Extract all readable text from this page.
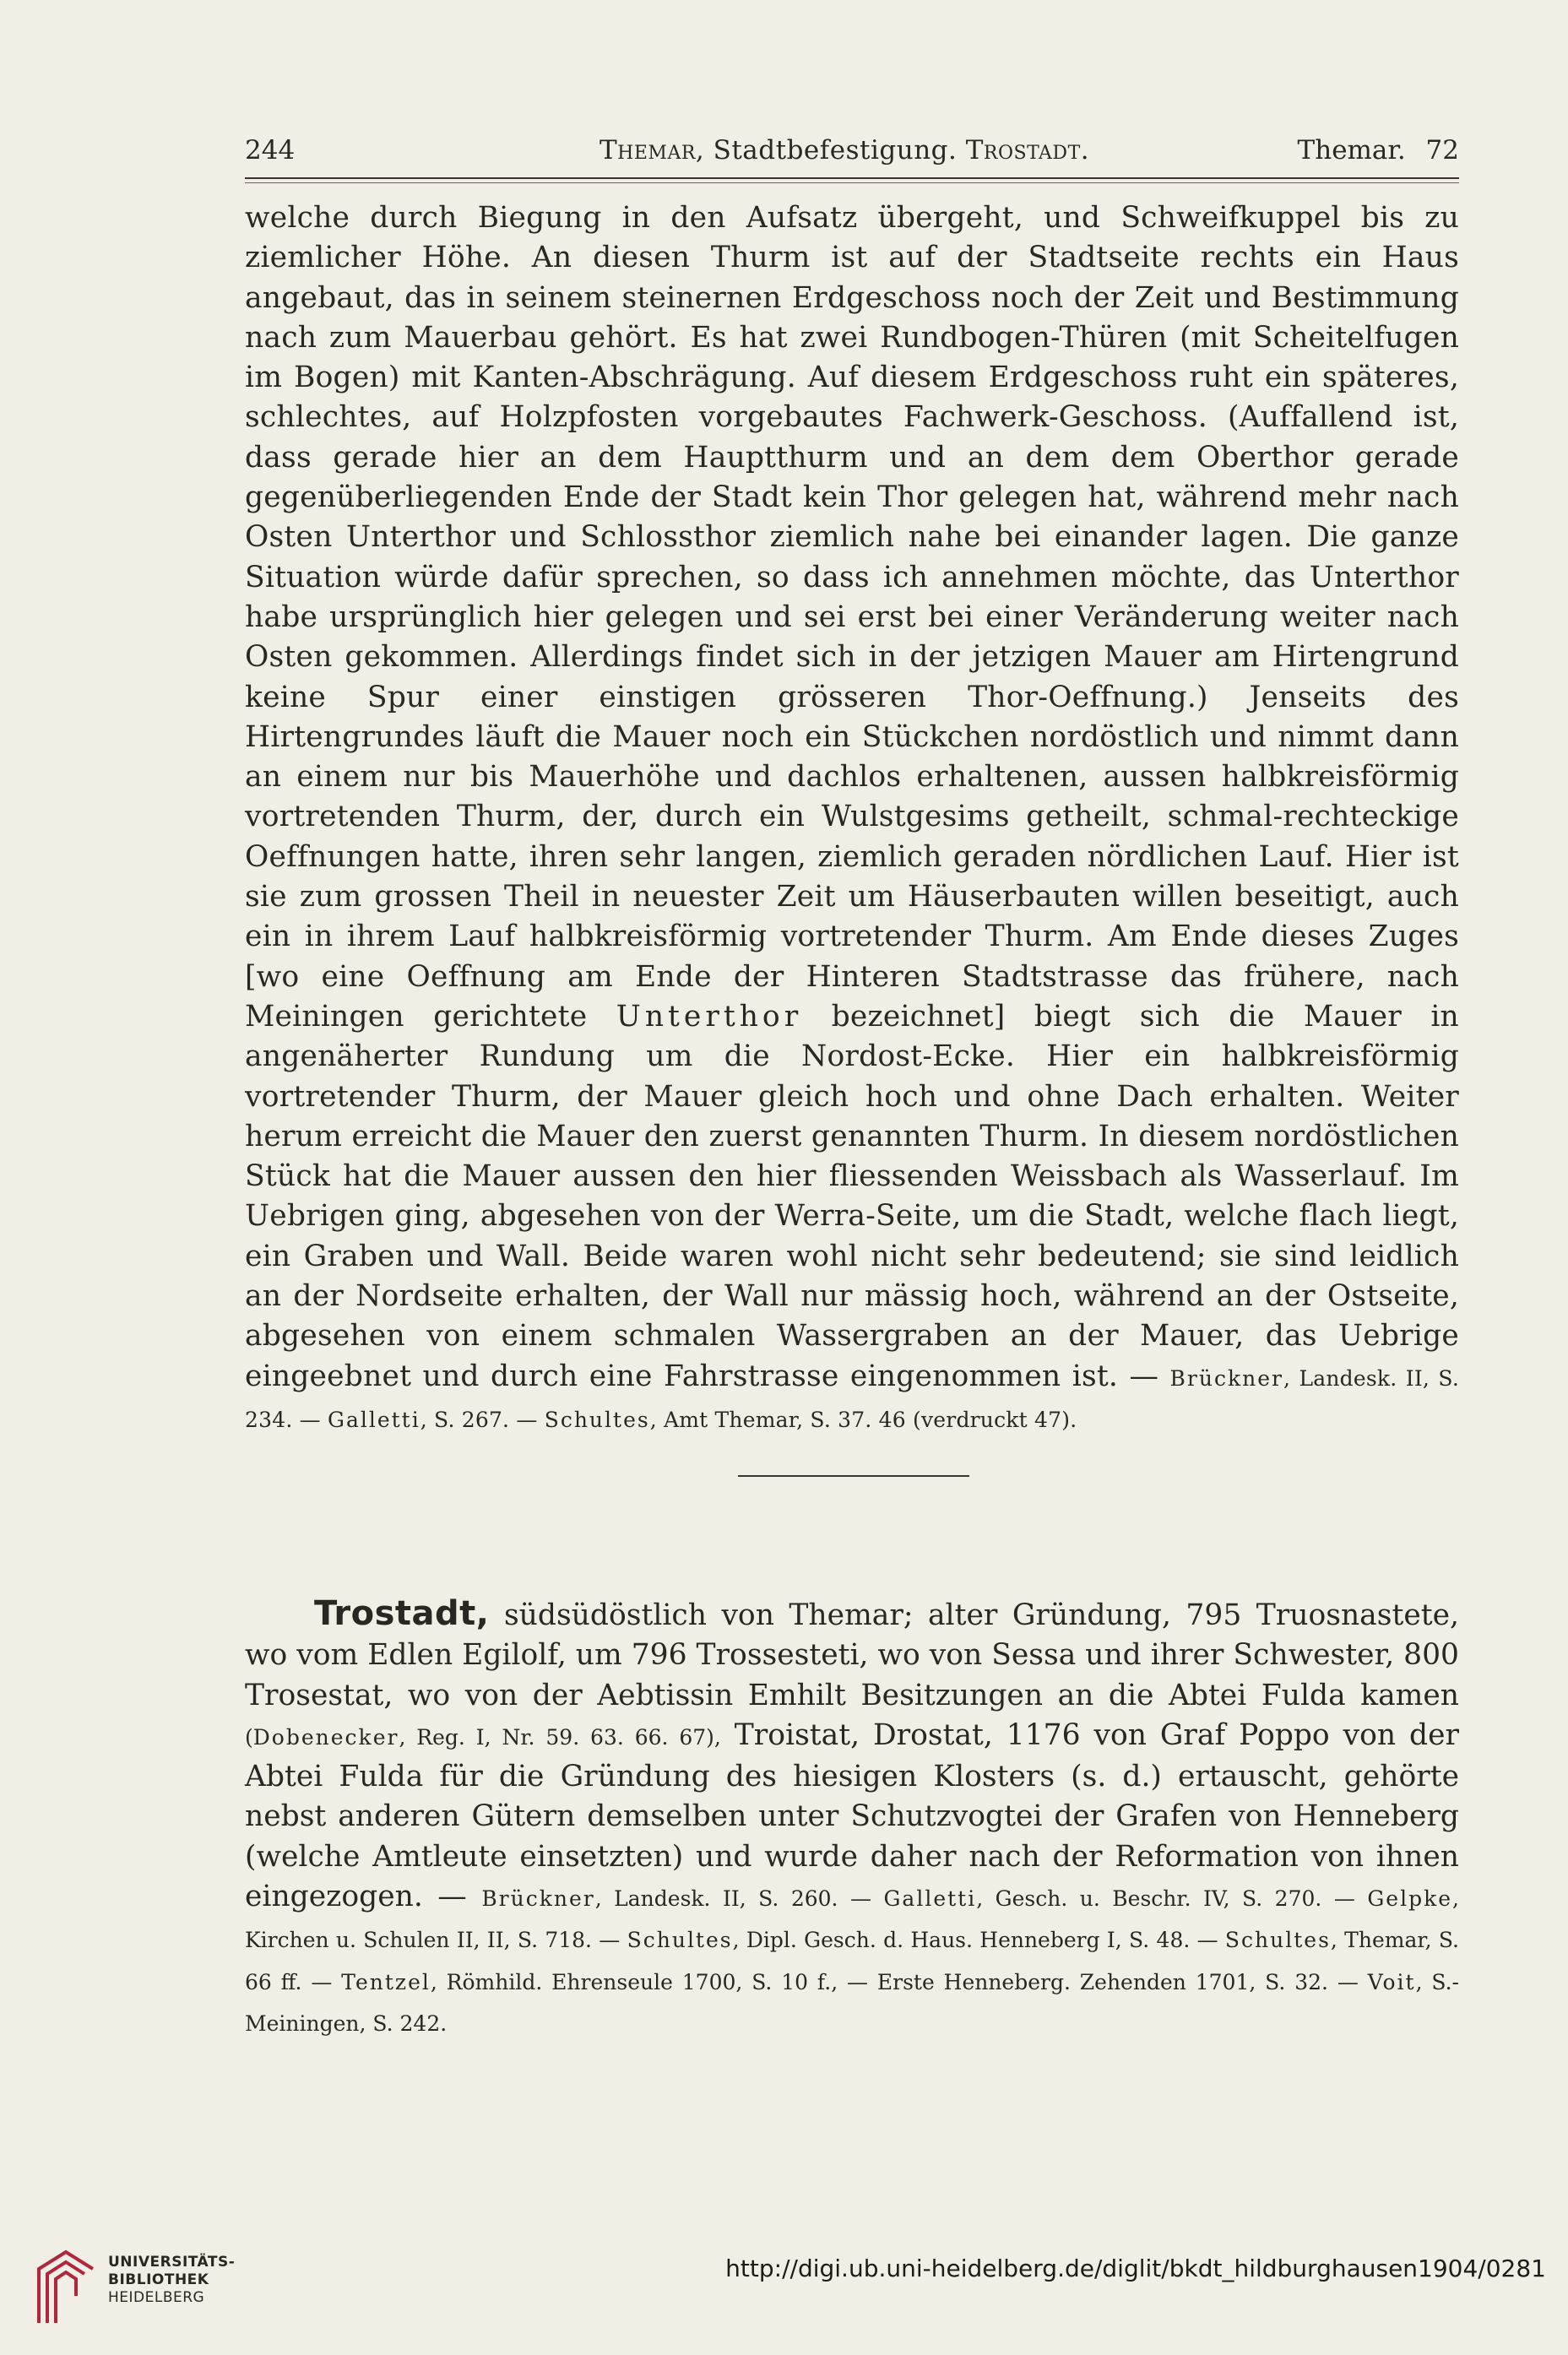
244	Themar, Stadtbefestigung. Trostadt.	Themar. 72

welche durch Biegung in den Aufsatz übergeht, und Schweifkuppel bis zu ziemlicher Höhe. An diesen Thurm ist auf der Stadtseite rechts ein Haus angebaut, das in seinem steinernen Erdgeschoss noch der Zeit und Bestimmung nach zum Mauerbau gehört. Es hat zwei Rundbogen-Thüren (mit Scheitelfugen im Bogen) mit Kanten-Abschrägung. Auf diesem Erdgeschoss ruht ein späteres, schlechtes, auf Holzpfosten vorgebautes Fachwerk-Geschoss. (Auffallend ist, dass gerade hier an dem Hauptthurm und an dem dem Oberthor gerade gegenüberliegenden Ende der Stadt kein Thor gelegen hat, während mehr nach Osten Unterthor und Schlossthor ziemlich nahe bei einander lagen. Die ganze Situation würde dafür sprechen, so dass ich annehmen möchte, das Unterthor habe ursprünglich hier gelegen und sei erst bei einer Veränderung weiter nach Osten gekommen. Allerdings findet sich in der jetzigen Mauer am Hirtengrund keine Spur einer einstigen grösseren Thor-Oeffnung.) Jenseits des Hirtengrundes läuft die Mauer noch ein Stückchen nordöstlich und nimmt dann an einem nur bis Mauerhöhe und dachlos erhaltenen, aussen halbkreisförmig vortretenden Thurm, der, durch ein Wulstgesims getheilt, schmal-rechteckige Oeffnungen hatte, ihren sehr langen, ziemlich geraden nördlichen Lauf. Hier ist sie zum grossen Theil in neuester Zeit um Häuserbauten willen beseitigt, auch ein in ihrem Lauf halbkreisförmig vortretender Thurm. Am Ende dieses Zuges [wo eine Oeffnung am Ende der Hinteren Stadtstrasse das frühere, nach Meiningen gerichtete Unterthor bezeichnet] biegt sich die Mauer in angenäherter Rundung um die Nordost-Ecke. Hier ein halbkreisförmig vortretender Thurm, der Mauer gleich hoch und ohne Dach erhalten. Weiter herum erreicht die Mauer den zuerst genannten Thurm. In diesem nordöstlichen Stück hat die Mauer aussen den hier fliessenden Weissbach als Wasserlauf. Im Uebrigen ging, abgesehen von der Werra-Seite, um die Stadt, welche flach liegt, ein Graben und Wall. Beide waren wohl nicht sehr bedeutend; sie sind leidlich an der Nordseite erhalten, der Wall nur mässig hoch, während an der Ostseite, abgesehen von einem schmalen Wassergraben an der Mauer, das Uebrige eingeebnet und durch eine Fahrstrasse eingenommen ist. — Brückner, Landesk. II, S. 234. — Galletti, S. 267. — Schultes, Amt Themar, S. 37. 46 (verdruckt 47).

Trostadt, südsüdöstlich von Themar; alter Gründung, 795 Truosnastete, wo vom Edlen Egilolf, um 796 Trossesteti, wo von Sessa und ihrer Schwester, 800 Trosestat, wo von der Aebtissin Emhilt Besitzungen an die Abtei Fulda kamen (Dobenecker, Reg. I, Nr. 59. 63. 66. 67), Troistat, Drostat, 1176 von Graf Poppo von der Abtei Fulda für die Gründung des hiesigen Klosters (s. d.) ertauscht, gehörte nebst anderen Gütern demselben unter Schutzvogtei der Grafen von Henneberg (welche Amtleute einsetzten) und wurde daher nach der Reformation von ihnen eingezogen. — Brückner, Landesk. II, S. 260. — Galletti, Gesch. u. Beschr. IV, S. 270. — Gelpke, Kirchen u. Schulen II, II, S. 718. — Schultes, Dipl. Gesch. d. Haus. Henneberg I, S. 48. — Schultes, Themar, S. 66 ff. — Tentzel, Römhild. Ehrenseule 1700, S. 10 f., — Erste Henneberg. Zehenden 1701, S. 32. — Voit, S.-Meiningen, S. 242.

UNIVERSITÄTS-
BIBLIOTHEK
HEIDELBERG
http://digi.ub.uni-heidelberg.de/diglit/bkdt_hildburghausen1904/0281
